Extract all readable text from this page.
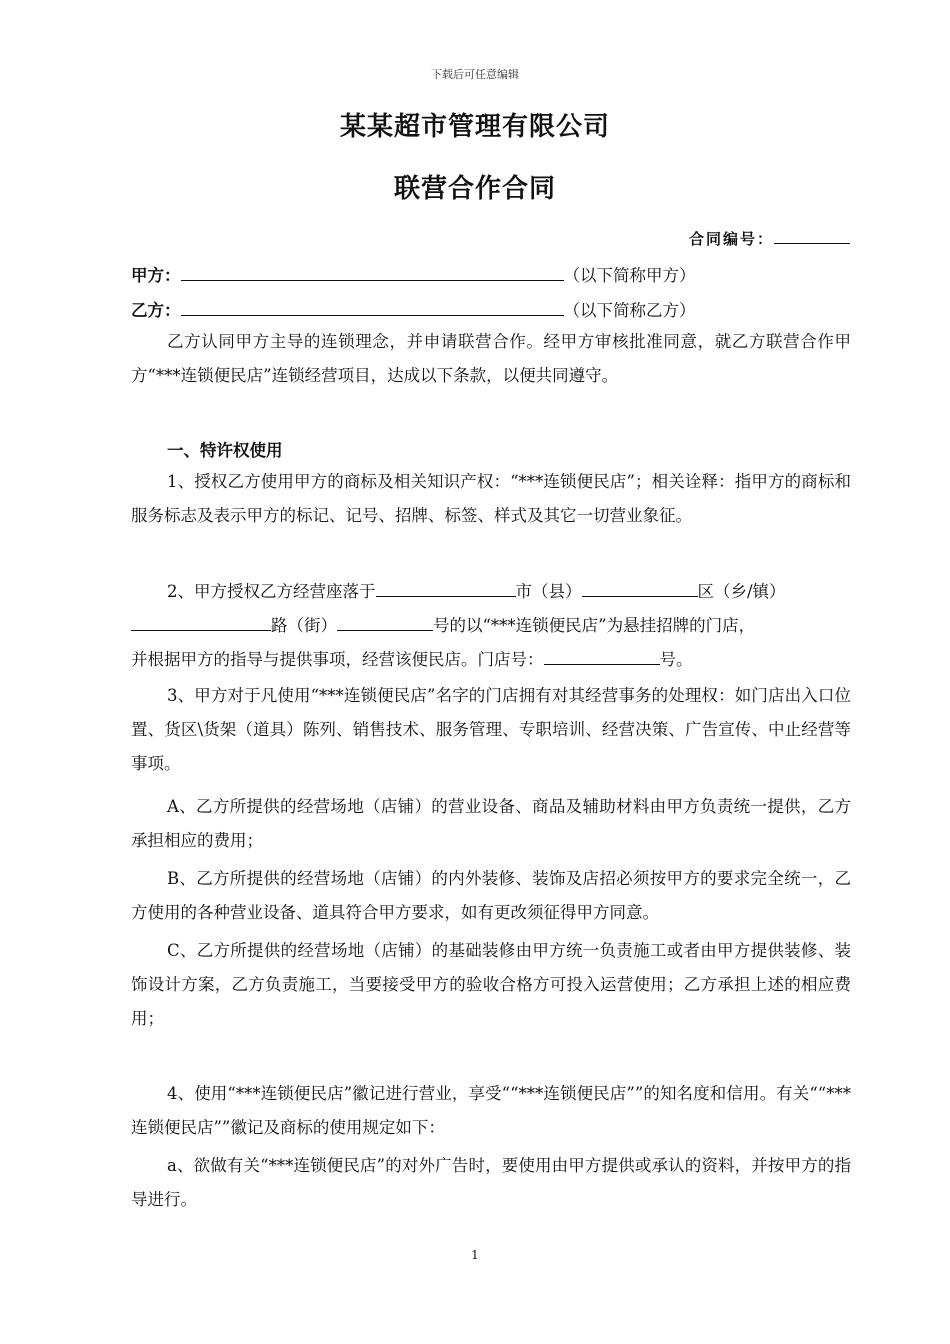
下载后可任意编辑
某某超市管理有限公司
联营合作合同
合同编号：
甲方：	（以下简称甲方）
乙方：	（以下简称乙方）
乙方认同甲方主导的连锁理念，并申请联营合作。经甲方审核批准同意，就乙方联营合作甲方“***连锁便民店”连锁经营项目，达成以下条款，以便共同遵守。
一、特许权使用
1、授权乙方使用甲方的商标及相关知识产权：“***连锁便民店”；相关诠释：指甲方的商标和服务标志及表示甲方的标记、记号、招牌、标签、样式及其它一切营业象征。
2、甲方授权乙方经营座落于	市（县）	区（乡/镇）
路（街）	号的以“***连锁便民店”为悬挂招牌的门店，
并根据甲方的指导与提供事项，经营该便民店。门店号：	号。
3、甲方对于凡使用“***连锁便民店”名字的门店拥有对其经营事务的处理权：如门店出入口位置、货区\货架（道具）陈列、销售技术、服务管理、专职培训、经营决策、广告宣传、中止经营等事项。
A、乙方所提供的经营场地（店铺）的营业设备、商品及辅助材料由甲方负责统一提供，乙方承担相应的费用；
B、乙方所提供的经营场地（店铺）的内外装修、装饰及店招必须按甲方的要求完全统一，乙方使用的各种营业设备、道具符合甲方要求，如有更改须征得甲方同意。
C、乙方所提供的经营场地（店铺）的基础装修由甲方统一负责施工或者由甲方提供装修、装饰设计方案，乙方负责施工，当要接受甲方的验收合格方可投入运营使用；乙方承担上述的相应费用；
4、使用“***连锁便民店”徽记进行营业，享受““***连锁便民店””的知名度和信用。有关““***连锁便民店””徽记及商标的使用规定如下：
a、欲做有关“***连锁便民店”的对外广告时，要使用由甲方提供或承认的资料，并按甲方的指导进行。
1
